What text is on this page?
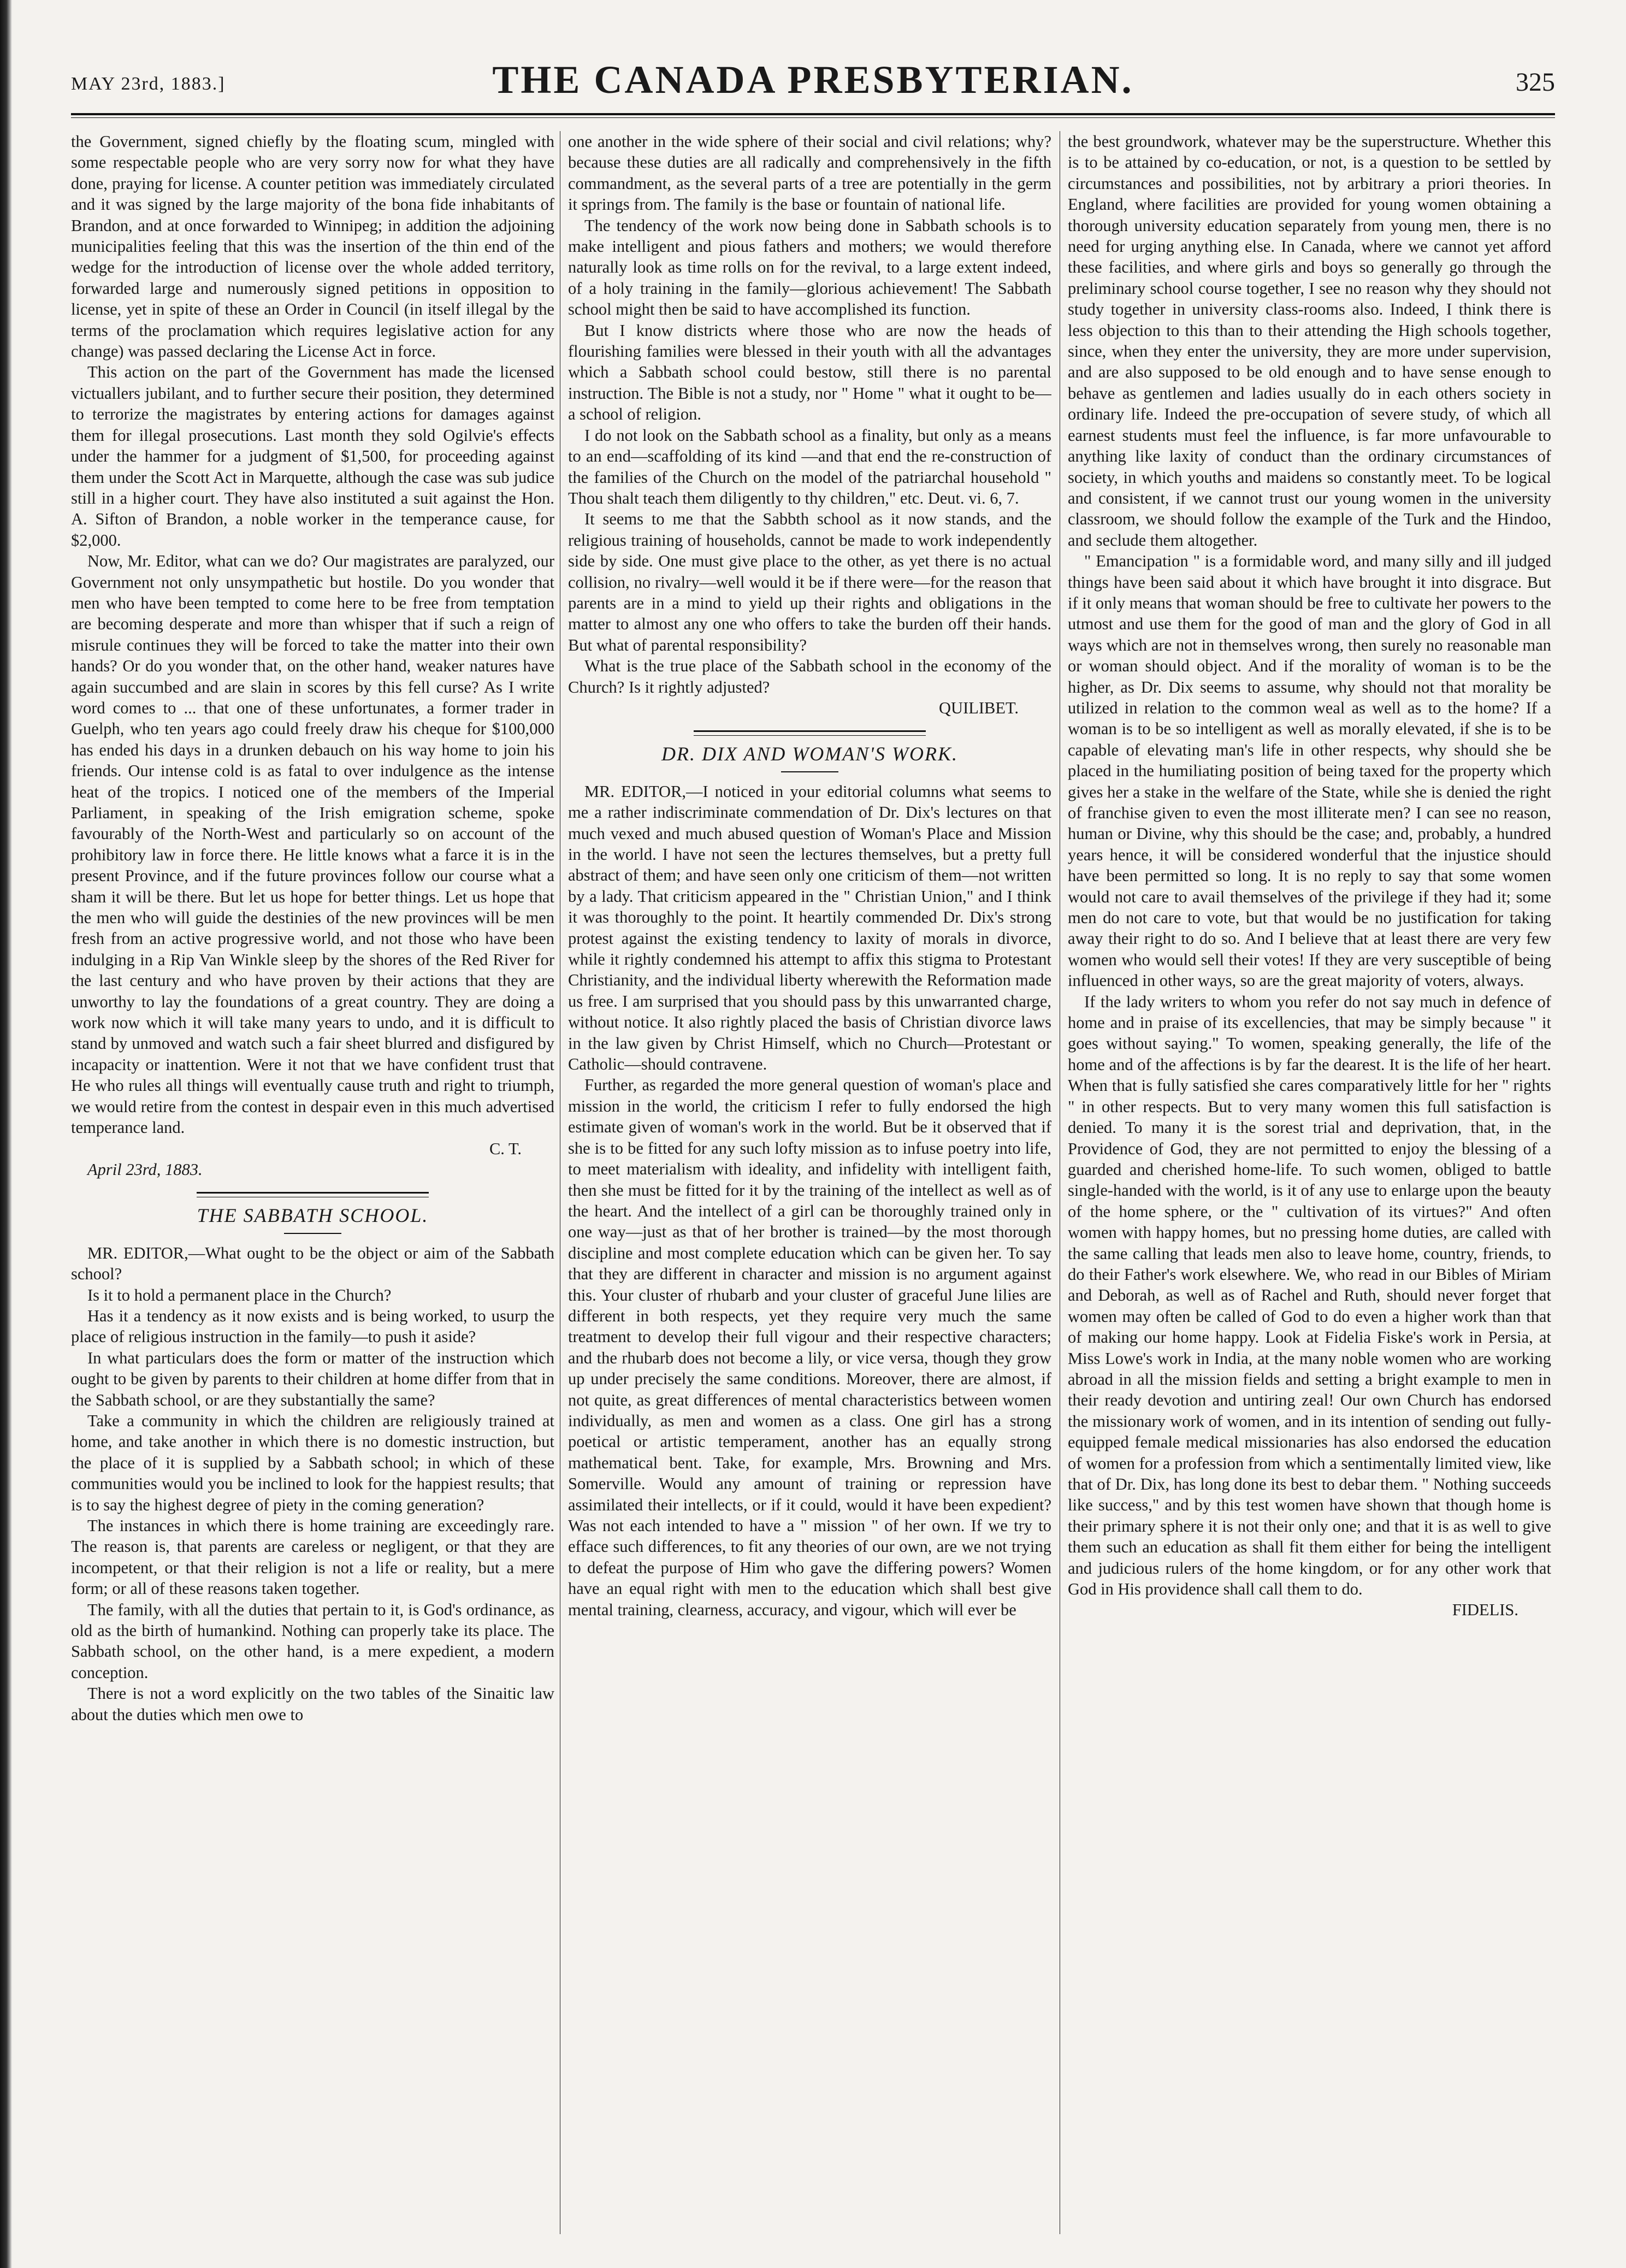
MAY 23rd, 1883.]	THE CANADA PRESBYTERIAN.	325

the Government, signed chiefly by the floating scum, mingled with some respectable people who are very sorry now for what they have done, praying for license. A counter petition was immediately circulated and it was signed by the large majority of the bona fide inhabitants of Brandon, and at once forwarded to Winnipeg; in addition the adjoining municipalities feeling that this was the insertion of the thin end of the wedge for the introduction of license over the whole added territory, forwarded large and numerously signed petitions in opposition to license, yet in spite of these an Order in Council (in itself illegal by the terms of the proclamation which requires legislative action for any change) was passed declaring the License Act in force.

This action on the part of the Government has made the licensed victuallers jubilant, and to further secure their position, they determined to terrorize the magistrates by entering actions for damages against them for illegal prosecutions. Last month they sold Ogilvie's effects under the hammer for a judgment of $1,500, for proceeding against them under the Scott Act in Marquette, although the case was sub judice still in a higher court. They have also instituted a suit against the Hon. A. Sifton of Brandon, a noble worker in the temperance cause, for $2,000.

Now, Mr. Editor, what can we do? Our magistrates are paralyzed, our Government not only unsympathetic but hostile. Do you wonder that men who have been tempted to come here to be free from temptation are becoming desperate and more than whisper that if such a reign of misrule continues they will be forced to take the matter into their own hands? Or do you wonder that, on the other hand, weaker natures have again succumbed and are slain in scores by this fell curse? As I write word comes to ... that one of these unfortunates, a former trader in Guelph, who ten years ago could freely draw his cheque for $100,000 has ended his days in a drunken debauch on his way home to join his friends. Our intense cold is as fatal to over indulgence as the intense heat of the tropics. I noticed one of the members of the Imperial Parliament, in speaking of the Irish emigration scheme, spoke favourably of the North-West and particularly so on account of the prohibitory law in force there. He little knows what a farce it is in the present Province, and if the future provinces follow our course what a sham it will be there. But let us hope for better things. Let us hope that the men who will guide the destinies of the new provinces will be men fresh from an active progressive world, and not those who have been indulging in a Rip Van Winkle sleep by the shores of the Red River for the last century and who have proven by their actions that they are unworthy to lay the foundations of a great country. They are doing a work now which it will take many years to undo, and it is difficult to stand by unmoved and watch such a fair sheet blurred and disfigured by incapacity or inattention. Were it not that we have confident trust that He who rules all things will eventually cause truth and right to triumph, we would retire from the contest in despair even in this much advertised temperance land.

C. T.

April 23rd, 1883.

THE SABBATH SCHOOL.

MR. EDITOR,—What ought to be the object or aim of the Sabbath school?

Is it to hold a permanent place in the Church?

Has it a tendency as it now exists and is being worked, to usurp the place of religious instruction in the family—to push it aside?

In what particulars does the form or matter of the instruction which ought to be given by parents to their children at home differ from that in the Sabbath school, or are they substantially the same?

Take a community in which the children are religiously trained at home, and take another in which there is no domestic instruction, but the place of it is supplied by a Sabbath school; in which of these communities would you be inclined to look for the happiest results; that is to say the highest degree of piety in the coming generation?

The instances in which there is home training are exceedingly rare. The reason is, that parents are careless or negligent, or that they are incompetent, or that their religion is not a life or reality, but a mere form; or all of these reasons taken together.

The family, with all the duties that pertain to it, is God's ordinance, as old as the birth of humankind. Nothing can properly take its place. The Sabbath school, on the other hand, is a mere expedient, a modern conception.

There is not a word explicitly on the two tables of the Sinaitic law about the duties which men owe to

one another in the wide sphere of their social and civil relations; why? because these duties are all radically and comprehensively in the fifth commandment, as the several parts of a tree are potentially in the germ it springs from. The family is the base or fountain of national life.

The tendency of the work now being done in Sabbath schools is to make intelligent and pious fathers and mothers; we would therefore naturally look as time rolls on for the revival, to a large extent indeed, of a holy training in the family—glorious achievement! The Sabbath school might then be said to have accomplished its function.

But I know districts where those who are now the heads of flourishing families were blessed in their youth with all the advantages which a Sabbath school could bestow, still there is no parental instruction. The Bible is not a study, nor " Home " what it ought to be—a school of religion.

I do not look on the Sabbath school as a finality, but only as a means to an end—scaffolding of its kind —and that end the re-construction of the families of the Church on the model of the patriarchal household " Thou shalt teach them diligently to thy children," etc. Deut. vi. 6, 7.

It seems to me that the Sabbth school as it now stands, and the religious training of households, cannot be made to work independently side by side. One must give place to the other, as yet there is no actual collision, no rivalry—well would it be if there were—for the reason that parents are in a mind to yield up their rights and obligations in the matter to almost any one who offers to take the burden off their hands. But what of parental responsibility?

What is the true place of the Sabbath school in the economy of the Church? Is it rightly adjusted?

QUILIBET.

DR. DIX AND WOMAN'S WORK.

MR. EDITOR,—I noticed in your editorial columns what seems to me a rather indiscriminate commendation of Dr. Dix's lectures on that much vexed and much abused question of Woman's Place and Mission in the world. I have not seen the lectures themselves, but a pretty full abstract of them; and have seen only one criticism of them—not written by a lady. That criticism appeared in the " Christian Union," and I think it was thoroughly to the point. It heartily commended Dr. Dix's strong protest against the existing tendency to laxity of morals in divorce, while it rightly condemned his attempt to affix this stigma to Protestant Christianity, and the individual liberty wherewith the Reformation made us free. I am surprised that you should pass by this unwarranted charge, without notice. It also rightly placed the basis of Christian divorce laws in the law given by Christ Himself, which no Church—Protestant or Catholic—should contravene.

Further, as regarded the more general question of woman's place and mission in the world, the criticism I refer to fully endorsed the high estimate given of woman's work in the world. But be it observed that if she is to be fitted for any such lofty mission as to infuse poetry into life, to meet materialism with ideality, and infidelity with intelligent faith, then she must be fitted for it by the training of the intellect as well as of the heart. And the intellect of a girl can be thoroughly trained only in one way—just as that of her brother is trained—by the most thorough discipline and most complete education which can be given her. To say that they are different in character and mission is no argument against this. Your cluster of rhubarb and your cluster of graceful June lilies are different in both respects, yet they require very much the same treatment to develop their full vigour and their respective characters; and the rhubarb does not become a lily, or vice versa, though they grow up under precisely the same conditions. Moreover, there are almost, if not quite, as great differences of mental characteristics between women individually, as men and women as a class. One girl has a strong poetical or artistic temperament, another has an equally strong mathematical bent. Take, for example, Mrs. Browning and Mrs. Somerville. Would any amount of training or repression have assimilated their intellects, or if it could, would it have been expedient? Was not each intended to have a " mission " of her own. If we try to efface such differences, to fit any theories of our own, are we not trying to defeat the purpose of Him who gave the differing powers? Women have an equal right with men to the education which shall best give mental training, clearness, accuracy, and vigour, which will ever be

the best groundwork, whatever may be the superstructure. Whether this is to be attained by co-education, or not, is a question to be settled by circumstances and possibilities, not by arbitrary a priori theories. In England, where facilities are provided for young women obtaining a thorough university education separately from young men, there is no need for urging anything else. In Canada, where we cannot yet afford these facilities, and where girls and boys so generally go through the preliminary school course together, I see no reason why they should not study together in university class-rooms also. Indeed, I think there is less objection to this than to their attending the High schools together, since, when they enter the university, they are more under supervision, and are also supposed to be old enough and to have sense enough to behave as gentlemen and ladies usually do in each others society in ordinary life. Indeed the pre-occupation of severe study, of which all earnest students must feel the influence, is far more unfavourable to anything like laxity of conduct than the ordinary circumstances of society, in which youths and maidens so constantly meet. To be logical and consistent, if we cannot trust our young women in the university classroom, we should follow the example of the Turk and the Hindoo, and seclude them altogether.

" Emancipation " is a formidable word, and many silly and ill judged things have been said about it which have brought it into disgrace. But if it only means that woman should be free to cultivate her powers to the utmost and use them for the good of man and the glory of God in all ways which are not in themselves wrong, then surely no reasonable man or woman should object. And if the morality of woman is to be the higher, as Dr. Dix seems to assume, why should not that morality be utilized in relation to the common weal as well as to the home? If a woman is to be so intelligent as well as morally elevated, if she is to be capable of elevating man's life in other respects, why should she be placed in the humiliating position of being taxed for the property which gives her a stake in the welfare of the State, while she is denied the right of franchise given to even the most illiterate men? I can see no reason, human or Divine, why this should be the case; and, probably, a hundred years hence, it will be considered wonderful that the injustice should have been permitted so long. It is no reply to say that some women would not care to avail themselves of the privilege if they had it; some men do not care to vote, but that would be no justification for taking away their right to do so. And I believe that at least there are very few women who would sell their votes! If they are very susceptible of being influenced in other ways, so are the great majority of voters, always.

If the lady writers to whom you refer do not say much in defence of home and in praise of its excellencies, that may be simply because " it goes without saying." To women, speaking generally, the life of the home and of the affections is by far the dearest. It is the life of her heart. When that is fully satisfied she cares comparatively little for her " rights " in other respects. But to very many women this full satisfaction is denied. To many it is the sorest trial and deprivation, that, in the Providence of God, they are not permitted to enjoy the blessing of a guarded and cherished home-life. To such women, obliged to battle single-handed with the world, is it of any use to enlarge upon the beauty of the home sphere, or the " cultivation of its virtues?" And often women with happy homes, but no pressing home duties, are called with the same calling that leads men also to leave home, country, friends, to do their Father's work elsewhere. We, who read in our Bibles of Miriam and Deborah, as well as of Rachel and Ruth, should never forget that women may often be called of God to do even a higher work than that of making our home happy. Look at Fidelia Fiske's work in Persia, at Miss Lowe's work in India, at the many noble women who are working abroad in all the mission fields and setting a bright example to men in their ready devotion and untiring zeal! Our own Church has endorsed the missionary work of women, and in its intention of sending out fully-equipped female medical missionaries has also endorsed the education of women for a profession from which a sentimentally limited view, like that of Dr. Dix, has long done its best to debar them. " Nothing succeeds like success," and by this test women have shown that though home is their primary sphere it is not their only one; and that it is as well to give them such an education as shall fit them either for being the intelligent and judicious rulers of the home kingdom, or for any other work that God in His providence shall call them to do.

FIDELIS.
